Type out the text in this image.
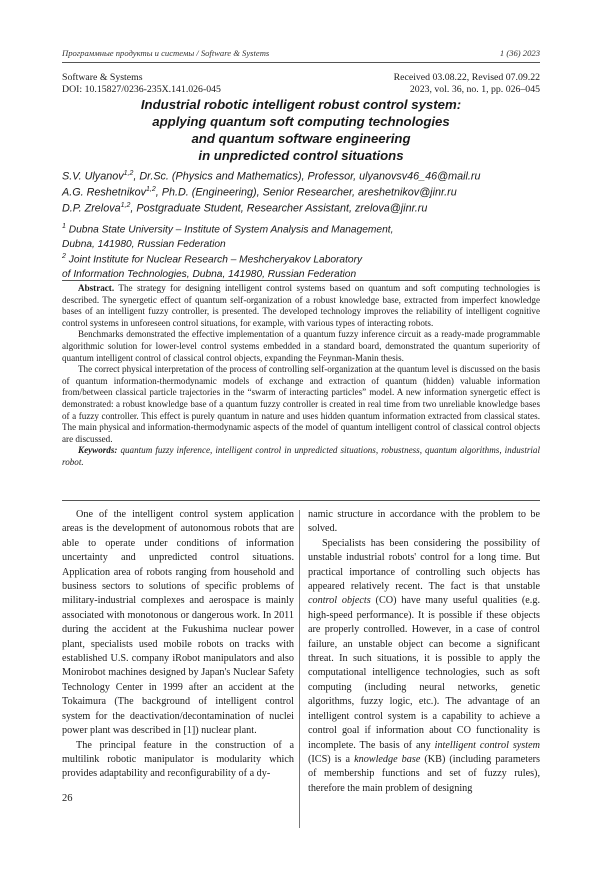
Программные продукты и системы / Software & Systems	1 (36) 2023
Software & Systems	Received 03.08.22, Revised 07.09.22
DOI: 10.15827/0236-235X.141.026-045	2023, vol. 36, no. 1, pp. 026–045
Industrial robotic intelligent robust control system:
applying quantum soft computing technologies
and quantum software engineering
in unpredicted control situations
S.V. Ulyanov$^{1,2}$, Dr.Sc. (Physics and Mathematics), Professor, ulyanovsv46_46@mail.ru
A.G. Reshetnikov$^{1,2}$, Ph.D. (Engineering), Senior Researcher, areshetnikov@jinr.ru
D.P. Zrelova$^{1,2}$, Postgraduate Student, Researcher Assistant, zrelova@jinr.ru
$^1$ Dubna State University – Institute of System Analysis and Management,
Dubna, 141980, Russian Federation
$^2$ Joint Institute for Nuclear Research – Meshcheryakov Laboratory
of Information Technologies, Dubna, 141980, Russian Federation

Abstract. The strategy for designing intelligent control systems based on quantum and soft computing technologies is described. The synergetic effect of quantum self-organization of a robust knowledge base, extracted from imperfect knowledge bases of an intelligent fuzzy controller, is presented. The developed technology improves the reliability of intelligent cognitive control systems in unforeseen control situations, for example, with various types of interacting robots.

Benchmarks demonstrated the effective implementation of a quantum fuzzy inference circuit as a ready-made programmable algorithmic solution for lower-level control systems embedded in a standard board, demonstrated the quantum superiority of quantum intelligent control of classical control objects, expanding the Feynman-Manin thesis.

The correct physical interpretation of the process of controlling self-organization at the quantum level is discussed on the basis of quantum information-thermodynamic models of exchange and extraction of quantum (hidden) valuable information from/between classical particle trajectories in the “swarm of interacting particles” model. A new information synergetic effect is demonstrated: a robust knowledge base of a quantum fuzzy controller is created in real time from two unreliable knowledge bases of a fuzzy controller. This effect is purely quantum in nature and uses hidden quantum information extracted from classical states. The main physical and information-thermodynamic aspects of the model of quantum intelligent control of classical control objects are discussed.

Keywords: quantum fuzzy inference, intelligent control in unpredicted situations, robustness, quantum algorithms, industrial robot.

One of the intelligent control system application areas is the development of autonomous robots that are able to operate under conditions of information uncertainty and unpredicted control situations. Application area of robots ranging from household and business sectors to solutions of specific problems of military-industrial complexes and aerospace is mainly associated with monotonous or dangerous work. In 2011 during the accident at the Fukushima nuclear power plant, specialists used mobile robots on tracks with established U.S. company iRobot manipulators and also Monirobot machines designed by Japan's Nuclear Safety Technology Center in 1999 after an accident at the Tokaimura (The background of intelligent control system for the deactivation/decontamination of nuclei power plant was described in [1]) nuclear plant.

The principal feature in the construction of a multilink robotic manipulator is modularity which provides adaptability and reconfigurability of a dy-

namic structure in accordance with the problem to be solved.

Specialists has been considering the possibility of unstable industrial robots' control for a long time. But practical importance of controlling such objects has appeared relatively recent. The fact is that unstable control objects (CO) have many useful qualities (e.g. high-speed performance). It is possible if these objects are properly controlled. However, in a case of control failure, an unstable object can become a significant threat. In such situations, it is possible to apply the computational intelligence technologies, such as soft computing (including neural networks, genetic algorithms, fuzzy logic, etc.). The advantage of an intelligent control system is a capability to achieve a control goal if information about CO functionality is incomplete. The basis of any intelligent control system (ICS) is a knowledge base (KB) (including parameters of membership functions and set of fuzzy rules), therefore the main problem of designing

26
